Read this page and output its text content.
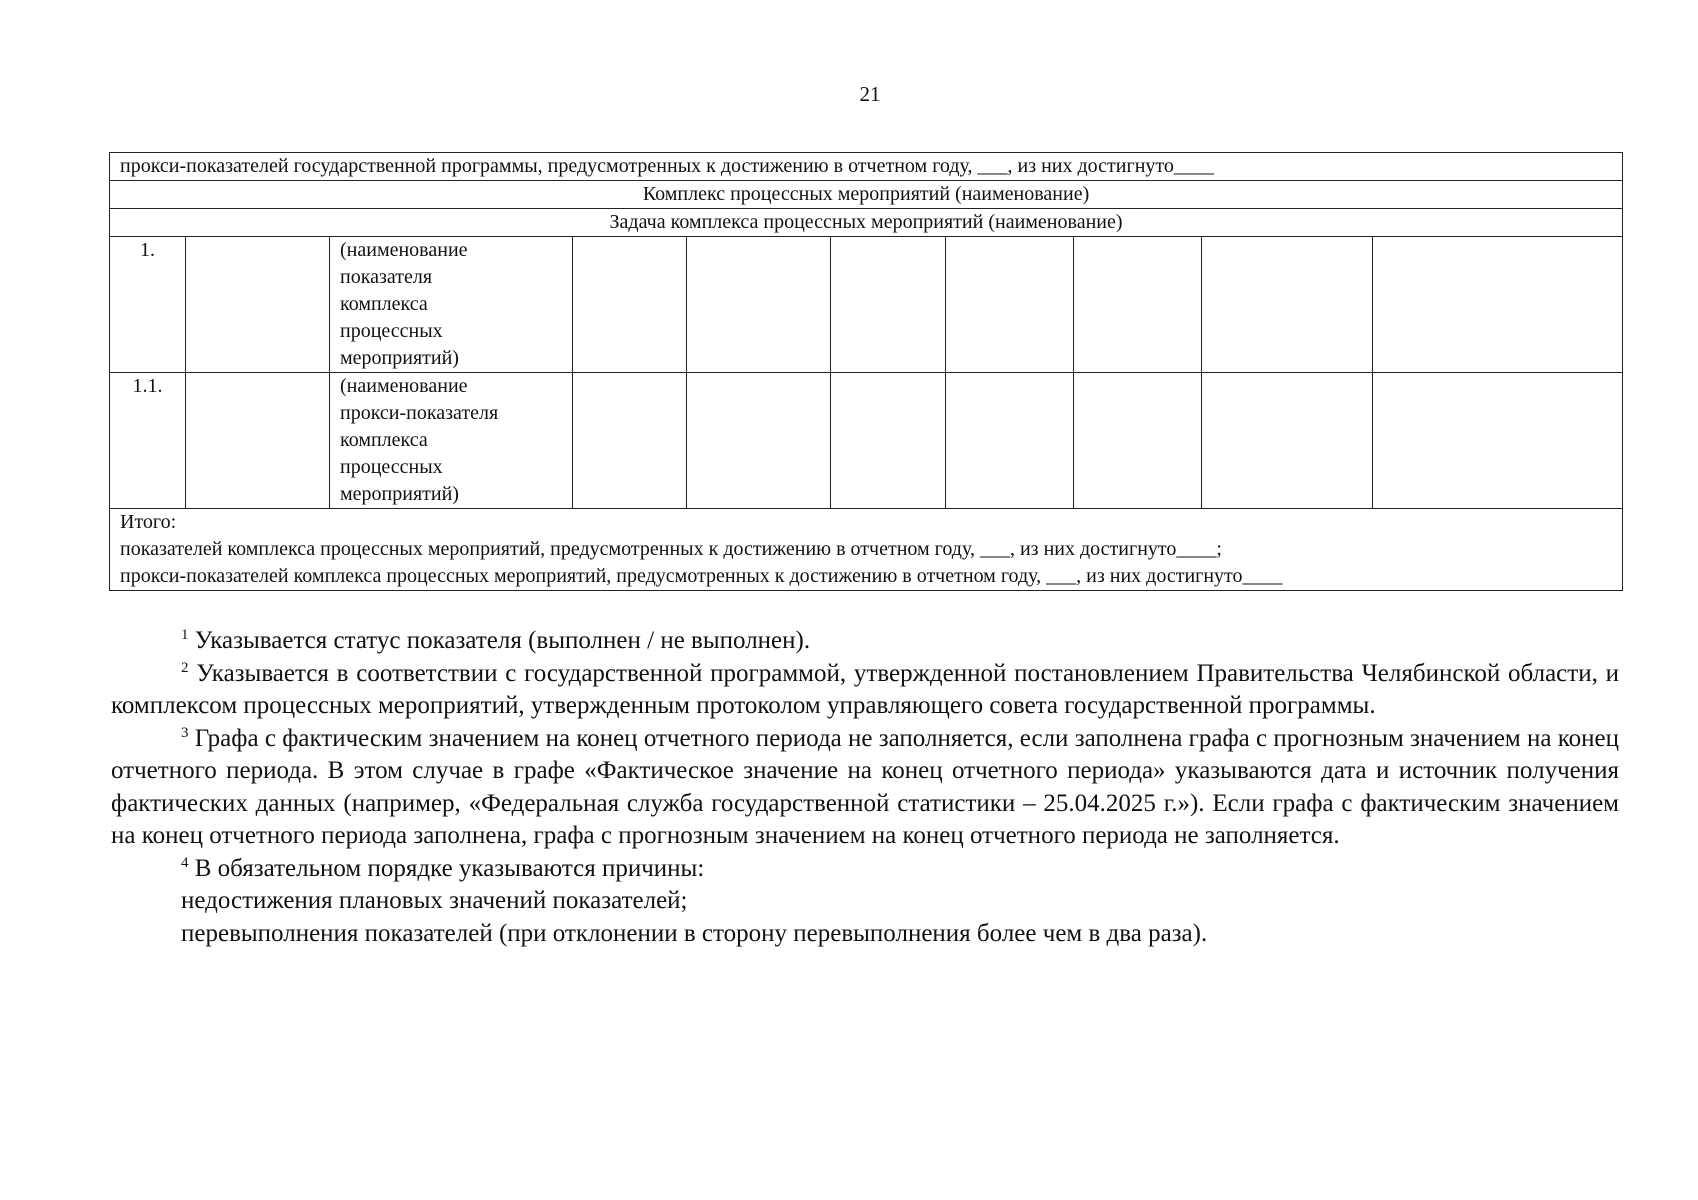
21
прокси-показателей государственной программы, предусмотренных к достижению в отчетном году, ___, из них достигнуто____									
Комплекс процессных мероприятий (наименование)									
Задача комплекса процессных мероприятий (наименование)									
1.		(наименование
показателя
комплекса
процессных
мероприятий)							

1.1.		(наименование
прокси-показателя
комплекса
процессных
мероприятий)							

Итого:
показателей комплекса процессных мероприятий, предусмотренных к достижению в отчетном году, ___, из них достигнуто____;
прокси-показателей комплекса процессных мероприятий, предусмотренных к достижению в отчетном году, ___, из них достигнуто____									

$^1$ Указывается статус показателя (выполнен / не выполнен).

$^2$ Указывается в соответствии с государственной программой, утвержденной постановлением Правительства Челябинской области, и комплексом процессных мероприятий, утвержденным протоколом управляющего совета государственной программы.

$^3$ Графа с фактическим значением на конец отчетного периода не заполняется, если заполнена графа с прогнозным значением на конец отчетного периода. В этом случае в графе «Фактическое значение на конец отчетного периода» указываются дата и источник получения фактических данных (например, «Федеральная служба государственной статистики – 25.04.2025 г.»). Если графа с фактическим значением на конец отчетного периода заполнена, графа с прогнозным значением на конец отчетного периода не заполняется.

$^4$ В обязательном порядке указываются причины:

недостижения плановых значений показателей;

перевыполнения показателей (при отклонении в сторону перевыполнения более чем в два раза).
